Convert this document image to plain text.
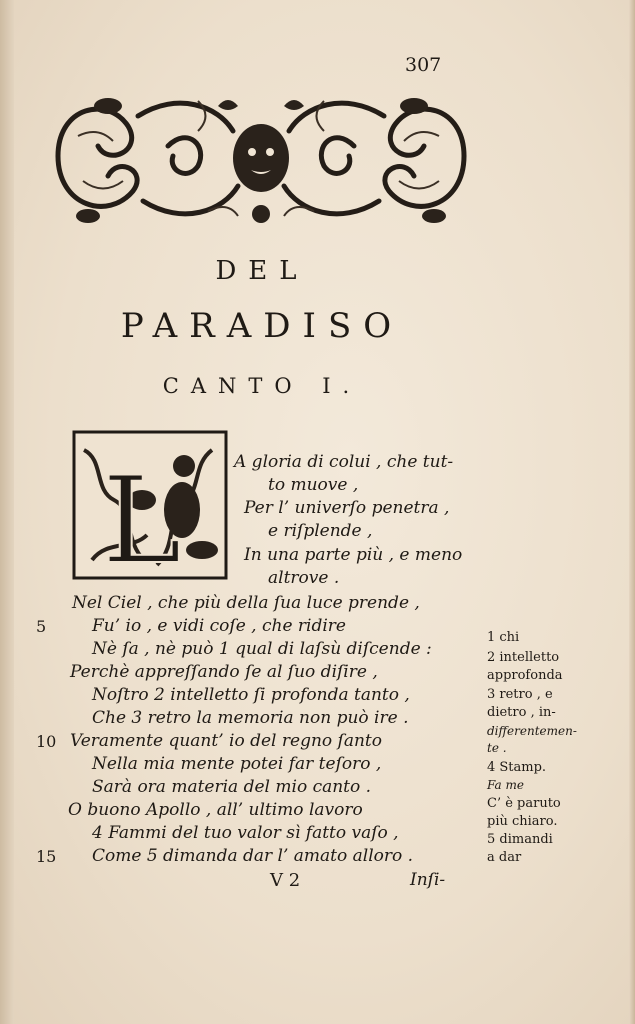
307
DEL
PARADISO
CANTO I.
L	A gloria di colui , che tut-
to muove ,
Per l’ univerſo penetra ,
e riſplende ,
In una parte più , e meno
altrove .
Nel Ciel , che più della ſua luce prende ,
Fu’ io , e vidi coſe , che ridire
Nè ſa , nè può 1 qual di laſsù diſcende :
Perchè appreſſando ſe al ſuo diſire ,
Noſtro 2 intelletto ſi profonda tanto ,
Che 3 retro la memoria non può ire .
Veramente quant’ io del regno ſanto
Nella mia mente potei far teſoro ,
Sarà ora materia del mio canto .
O buono Apollo , all’ ultimo lavoro
4 Fammi del tuo valor sì fatto vaſo ,
Come 5 dimanda dar l’ amato alloro .
5
10
15
V 2	Inſi-
1 chi
2 intelletto
approfonda
3 retro , e
dietro , in-
differentemen-
te .
4 Stamp.
Fa me
C’ è paruto
più chiaro.
5 dimandi
a dar
